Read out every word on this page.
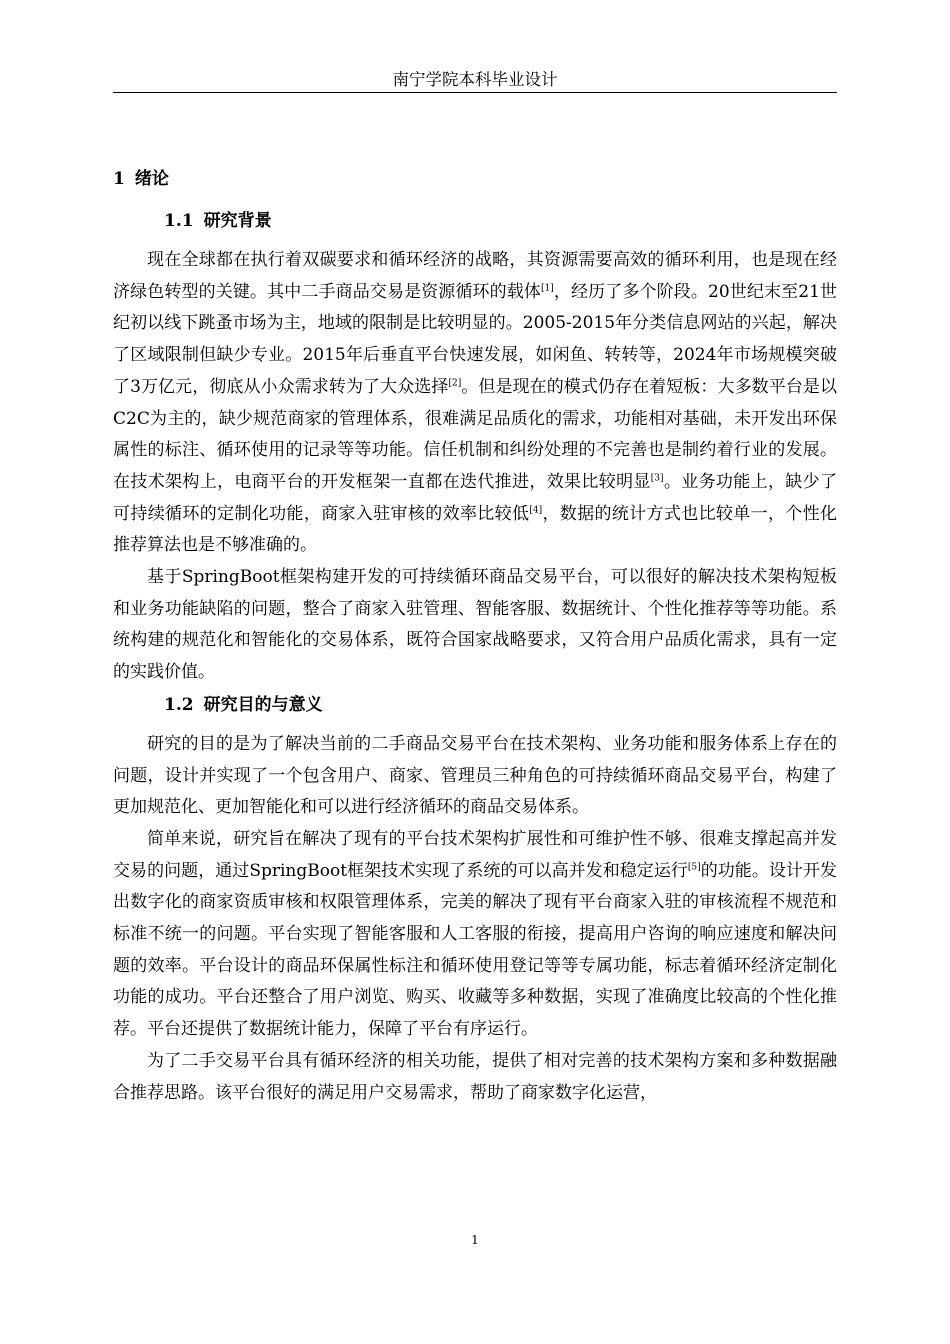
南宁学院本科毕业设计
1 绪论
1.1 研究背景

现在全球都在执行着双碳要求和循环经济的战略，其资源需要高效的循环利用，也是现在经济绿色转型的关键。其中二手商品交易是资源循环的载体[1]，经历了多个阶段。20世纪末至21世纪初以线下跳蚤市场为主，地域的限制是比较明显的。2005-2015年分类信息网站的兴起，解决了区域限制但缺少专业。2015年后垂直平台快速发展，如闲鱼、转转等，2024年市场规模突破了3万亿元，彻底从小众需求转为了大众选择[2]。但是现在的模式仍存在着短板：大多数平台是以C2C为主的，缺少规范商家的管理体系，很难满足品质化的需求，功能相对基础，未开发出环保属性的标注、循环使用的记录等等功能。信任机制和纠纷处理的不完善也是制约着行业的发展。在技术架构上，电商平台的开发框架一直都在迭代推进，效果比较明显[3]。业务功能上，缺少了可持续循环的定制化功能，商家入驻审核的效率比较低[4]，数据的统计方式也比较单一，个性化推荐算法也是不够准确的。

基于SpringBoot框架构建开发的可持续循环商品交易平台，可以很好的解决技术架构短板和业务功能缺陷的问题，整合了商家入驻管理、智能客服、数据统计、个性化推荐等等功能。系统构建的规范化和智能化的交易体系，既符合国家战略要求，又符合用户品质化需求，具有一定的实践价值。

1.2 研究目的与意义

研究的目的是为了解决当前的二手商品交易平台在技术架构、业务功能和服务体系上存在的问题，设计并实现了一个包含用户、商家、管理员三种角色的可持续循环商品交易平台，构建了更加规范化、更加智能化和可以进行经济循环的商品交易体系。

简单来说，研究旨在解决了现有的平台技术架构扩展性和可维护性不够、很难支撑起高并发交易的问题，通过SpringBoot框架技术实现了系统的可以高并发和稳定运行[5]的功能。设计开发出数字化的商家资质审核和权限管理体系，完美的解决了现有平台商家入驻的审核流程不规范和标准不统一的问题。平台实现了智能客服和人工客服的衔接，提高用户咨询的响应速度和解决问题的效率。平台设计的商品环保属性标注和循环使用登记等等专属功能，标志着循环经济定制化功能的成功。平台还整合了用户浏览、购买、收藏等多种数据，实现了准确度比较高的个性化推荐。平台还提供了数据统计能力，保障了平台有序运行。

为了二手交易平台具有循环经济的相关功能，提供了相对完善的技术架构方案和多种数据融合推荐思路。该平台很好的满足用户交易需求，帮助了商家数字化运营，

1
